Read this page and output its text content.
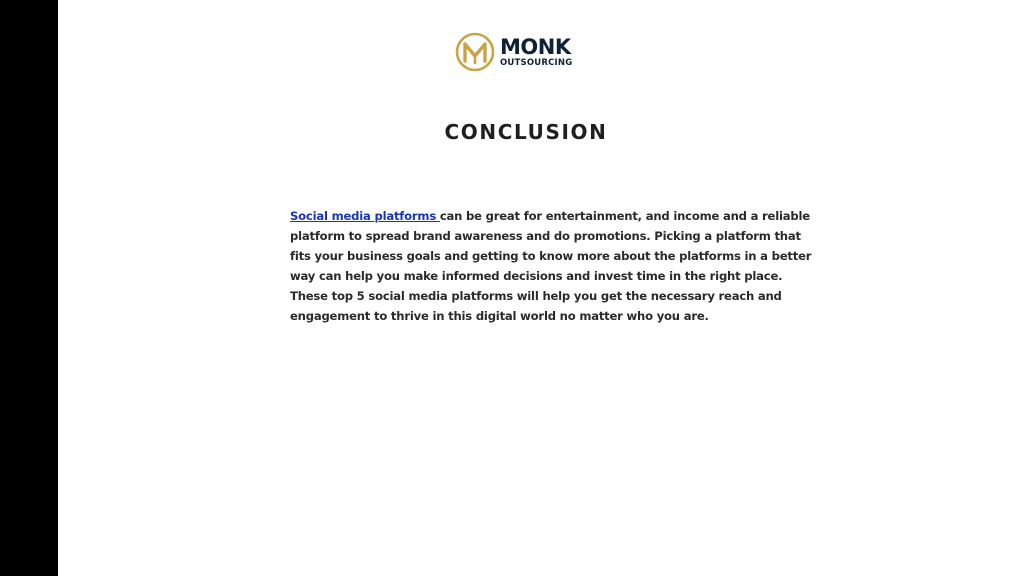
MONK
OUTSOURCING
CONCLUSION

Social media platforms can be great for entertainment, and income and a reliable platform to spread brand awareness and do promotions. Picking a platform that fits your business goals and getting to know more about the platforms in a better way can help you make informed decisions and invest time in the right place. These top 5 social media platforms will help you get the necessary reach and engagement to thrive in this digital world no matter who you are.
